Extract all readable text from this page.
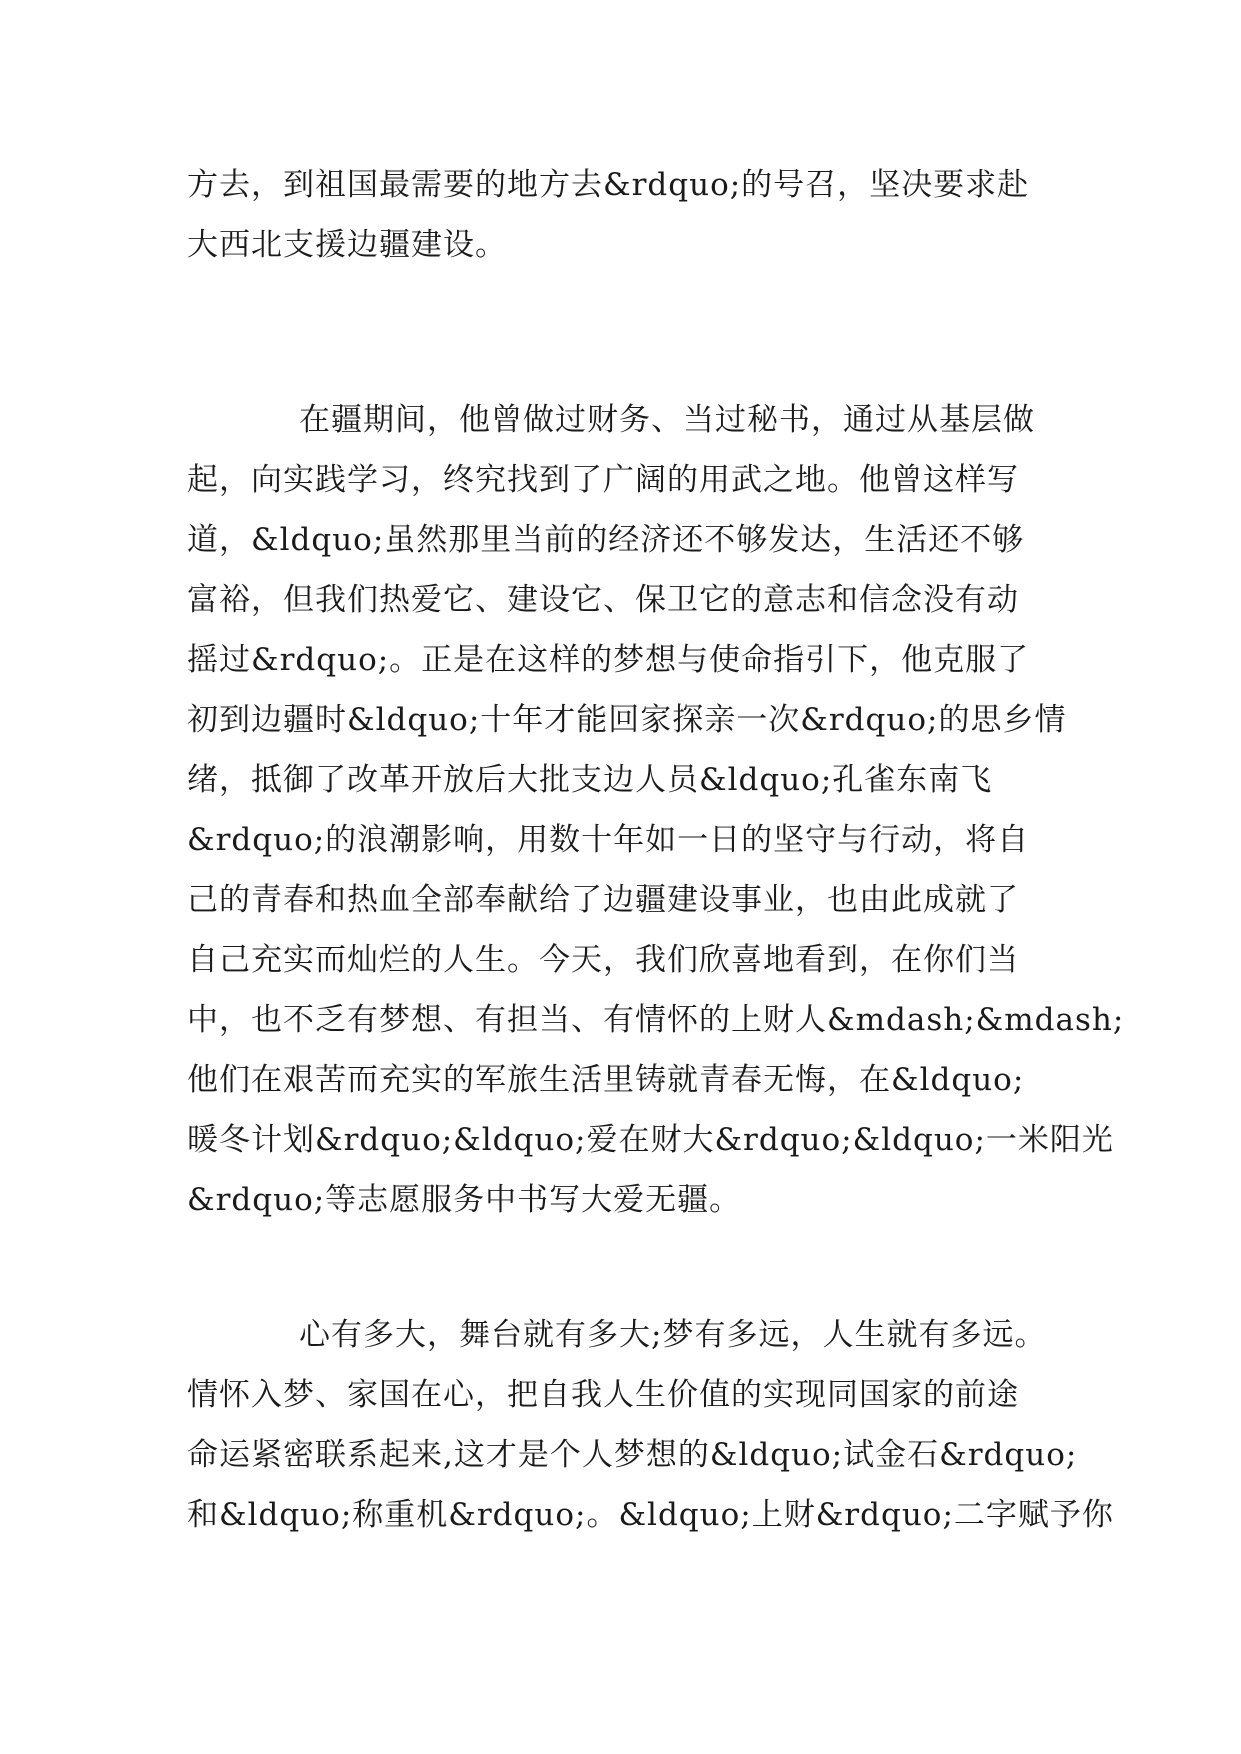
方去，到祖国最需要的地方去&rdquo;的号召，坚决要求赴
大西北支援边疆建设。
在疆期间，他曾做过财务、当过秘书，通过从基层做
起，向实践学习，终究找到了广阔的用武之地。他曾这样写
道，&ldquo;虽然那里当前的经济还不够发达，生活还不够
富裕，但我们热爱它、建设它、保卫它的意志和信念没有动
摇过&rdquo;。正是在这样的梦想与使命指引下，他克服了
初到边疆时&ldquo;十年才能回家探亲一次&rdquo;的思乡情
绪，抵御了改革开放后大批支边人员&ldquo;孔雀东南飞
&rdquo;的浪潮影响，用数十年如一日的坚守与行动，将自
己的青春和热血全部奉献给了边疆建设事业，也由此成就了
自己充实而灿烂的人生。今天，我们欣喜地看到，在你们当
中，也不乏有梦想、有担当、有情怀的上财人&mdash;&mdash;
他们在艰苦而充实的军旅生活里铸就青春无悔，在&ldquo;
暖冬计划&rdquo;&ldquo;爱在财大&rdquo;&ldquo;一米阳光
&rdquo;等志愿服务中书写大爱无疆。
心有多大，舞台就有多大;梦有多远，人生就有多远。
情怀入梦、家国在心，把自我人生价值的实现同国家的前途
命运紧密联系起来,这才是个人梦想的&ldquo;试金石&rdquo;
和&ldquo;称重机&rdquo;。&ldquo;上财&rdquo;二字赋予你
